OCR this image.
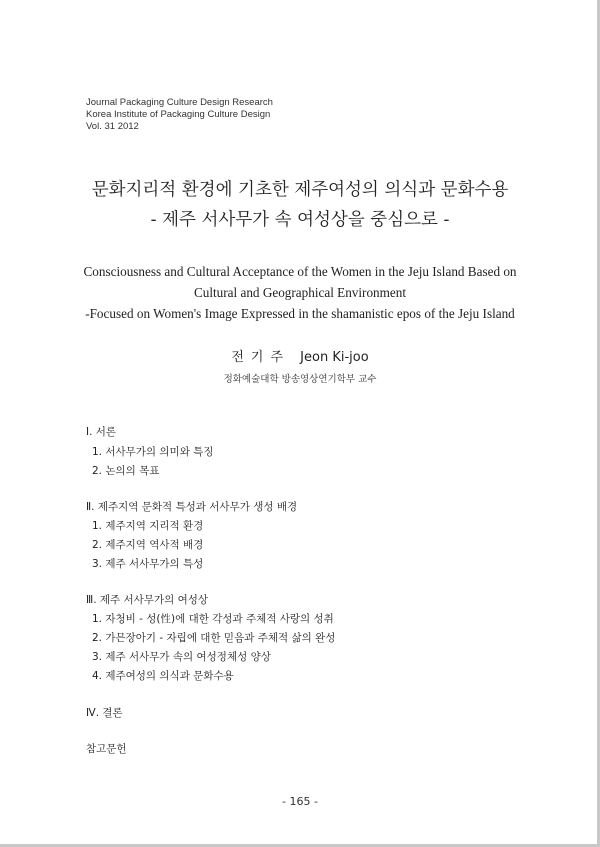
Journal Packaging Culture Design Research
Korea Institute of Packaging Culture Design
Vol. 31 2012
문화지리적 환경에 기초한 제주여성의 의식과 문화수용
- 제주 서사무가 속 여성상을 중심으로 -
Consciousness and Cultural Acceptance of the Women in the Jeju Island Based on
Cultural and Geographical Environment
-Focused on Women's Image Expressed in the shamanistic epos of the Jeju Island
전기주 Jeon Ki-joo
정화예술대학 방송영상연기학부 교수
Ⅰ. 서론
1. 서사무가의 의미와 특징
2. 논의의 목표
Ⅱ. 제주지역 문화적 특성과 서사무가 생성 배경
1. 제주지역 지리적 환경
2. 제주지역 역사적 배경
3. 제주 서사무가의 특성
Ⅲ. 제주 서사무가의 여성상
1. 자청비 - 성(性)에 대한 각성과 주체적 사랑의 성취
2. 가믄장아기 - 자립에 대한 믿음과 주체적 삶의 완성
3. 제주 서사무가 속의 여성정체성 양상
4. 제주여성의 의식과 문화수용
Ⅳ. 결론
참고문헌
- 165 -
